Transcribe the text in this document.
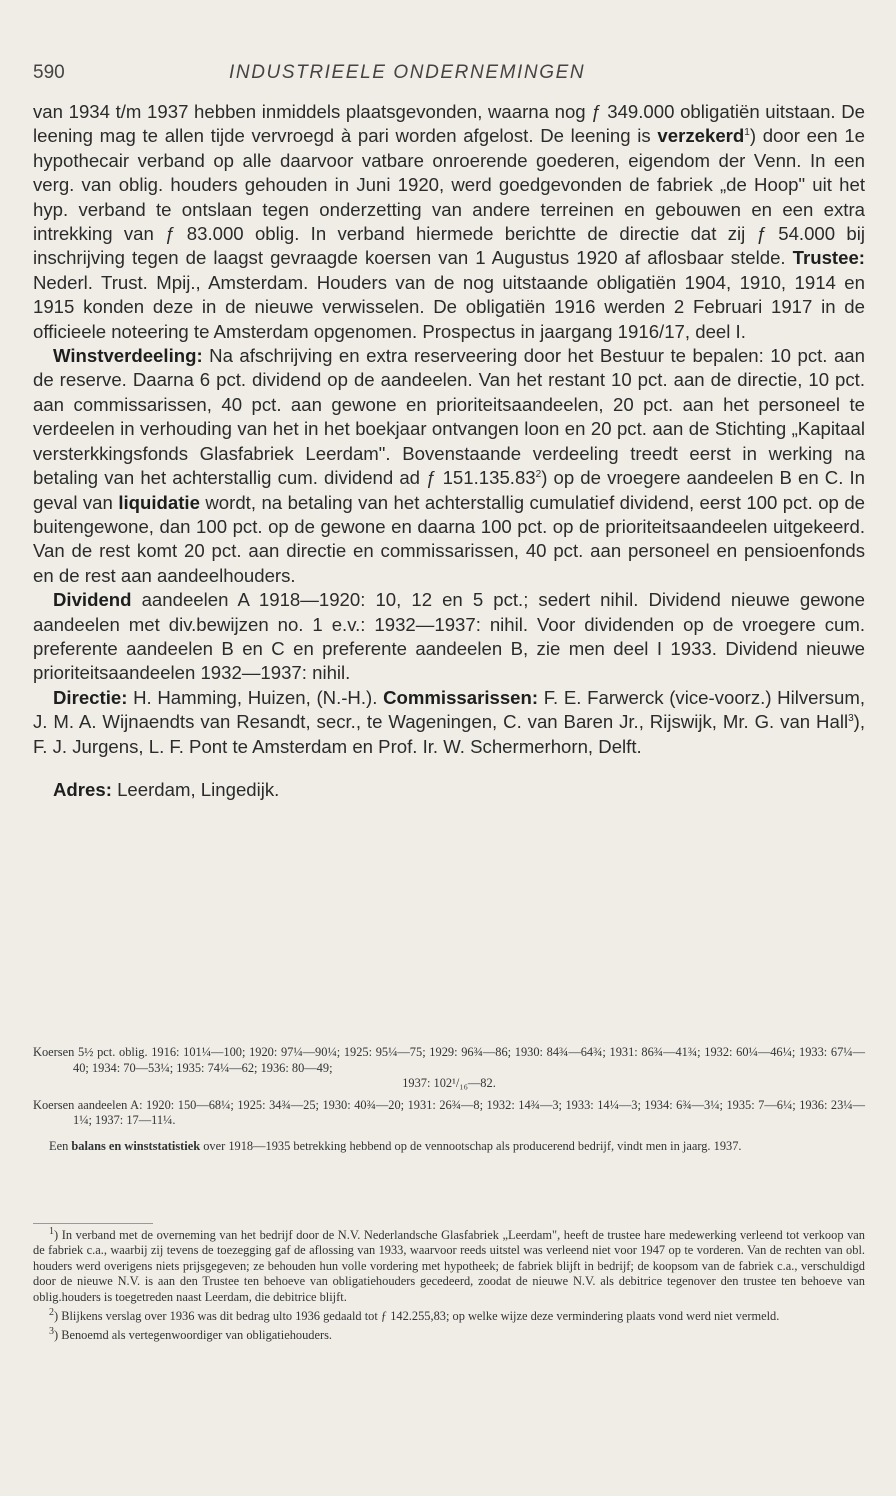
590	INDUSTRIEELE ONDERNEMINGEN

van 1934 t/m 1937 hebben inmiddels plaatsgevonden, waarna nog ƒ 349.000 obligatiën uitstaan. De leening mag te allen tijde vervroegd à pari worden afgelost. De leening is verzekerd$^1$) door een 1e hypothecair verband op alle daarvoor vatbare onroerende goederen, eigendom der Venn. In een verg. van oblig. houders gehouden in Juni 1920, werd goedgevonden de fabriek „de Hoop" uit het hyp. verband te ontslaan tegen onderzetting van andere terreinen en gebouwen en een extra intrekking van ƒ 83.000 oblig. In verband hiermede berichtte de directie dat zij ƒ 54.000 bij inschrijving tegen de laagst gevraagde koersen van 1 Augustus 1920 af aflosbaar stelde. Trustee: Nederl. Trust. Mpij., Amsterdam. Houders van de nog uitstaande obligatiën 1904, 1910, 1914 en 1915 konden deze in de nieuwe verwisselen. De obligatiën 1916 werden 2 Februari 1917 in de officieele noteering te Amsterdam opgenomen. Prospectus in jaargang 1916/17, deel I.

Winstverdeeling: Na afschrijving en extra reserveering door het Bestuur te bepalen: 10 pct. aan de reserve. Daarna 6 pct. dividend op de aandeelen. Van het restant 10 pct. aan de directie, 10 pct. aan commissarissen, 40 pct. aan gewone en prioriteitsaandeelen, 20 pct. aan het personeel te verdeelen in verhouding van het in het boekjaar ontvangen loon en 20 pct. aan de Stichting „Kapitaal versterkkingsfonds Glasfabriek Leerdam". Bovenstaande verdeeling treedt eerst in werking na betaling van het achterstallig cum. dividend ad ƒ 151.135.83$^2$) op de vroegere aandeelen B en C. In geval van liquidatie wordt, na betaling van het achterstallig cumulatief dividend, eerst 100 pct. op de buitengewone, dan 100 pct. op de gewone en daarna 100 pct. op de prioriteitsaandeelen uitgekeerd. Van de rest komt 20 pct. aan directie en commissarissen, 40 pct. aan personeel en pensioenfonds en de rest aan aandeelhouders.

Dividend aandeelen A 1918—1920: 10, 12 en 5 pct.; sedert nihil. Dividend nieuwe gewone aandeelen met div.bewijzen no. 1 e.v.: 1932—1937: nihil. Voor dividenden op de vroegere cum. preferente aandeelen B en C en preferente aandeelen B, zie men deel I 1933. Dividend nieuwe prioriteitsaandeelen 1932—1937: nihil.

Directie: H. Hamming, Huizen, (N.-H.). Commissarissen: F. E. Farwerck (vice-voorz.) Hilversum, J. M. A. Wijnaendts van Resandt, secr., te Wageningen, C. van Baren Jr., Rijswijk, Mr. G. van Hall$^3$), F. J. Jurgens, L. F. Pont te Amsterdam en Prof. Ir. W. Schermerhorn, Delft.

Adres: Leerdam, Lingedijk.

Koersen 5½ pct. oblig. 1916: 101¼—100; 1920: 97¼—90¼; 1925: 95¼—75; 1929: 96¾—86; 1930: 84¾—64¾; 1931: 86¾—41¾; 1932: 60¼—46¼; 1933: 67¼—40; 1934: 70—53¼; 1935: 74¼—62; 1936: 80—49;

1937: 102¹/₁₆—82.

Koersen aandeelen A: 1920: 150—68¼; 1925: 34¾—25; 1930: 40¾—20; 1931: 26¾—8; 1932: 14¾—3; 1933: 14¼—3; 1934: 6¾—3¼; 1935: 7—6¼; 1936: 23¼—1¼; 1937: 17—11¼.

Een balans en winststatistiek over 1918—1935 betrekking hebbend op de vennootschap als producerend bedrijf, vindt men in jaarg. 1937.

$^1$) In verband met de overneming van het bedrijf door de N.V. Nederlandsche Glasfabriek „Leerdam", heeft de trustee hare medewerking verleend tot verkoop van de fabriek c.a., waarbij zij tevens de toezegging gaf de aflossing van 1933, waarvoor reeds uitstel was verleend niet voor 1947 op te vorderen. Van de rechten van obl. houders werd overigens niets prijsgegeven; ze behouden hun volle vordering met hypotheek; de fabriek blijft in bedrijf; de koopsom van de fabriek c.a., verschuldigd door de nieuwe N.V. is aan den Trustee ten behoeve van obligatiehouders gecedeerd, zoodat de nieuwe N.V. als debitrice tegenover den trustee ten behoeve van oblig.houders is toegetreden naast Leerdam, die debitrice blijft.

$^2$) Blijkens verslag over 1936 was dit bedrag ulto 1936 gedaald tot ƒ 142.255,83; op welke wijze deze vermindering plaats vond werd niet vermeld.

$^3$) Benoemd als vertegenwoordiger van obligatiehouders.
